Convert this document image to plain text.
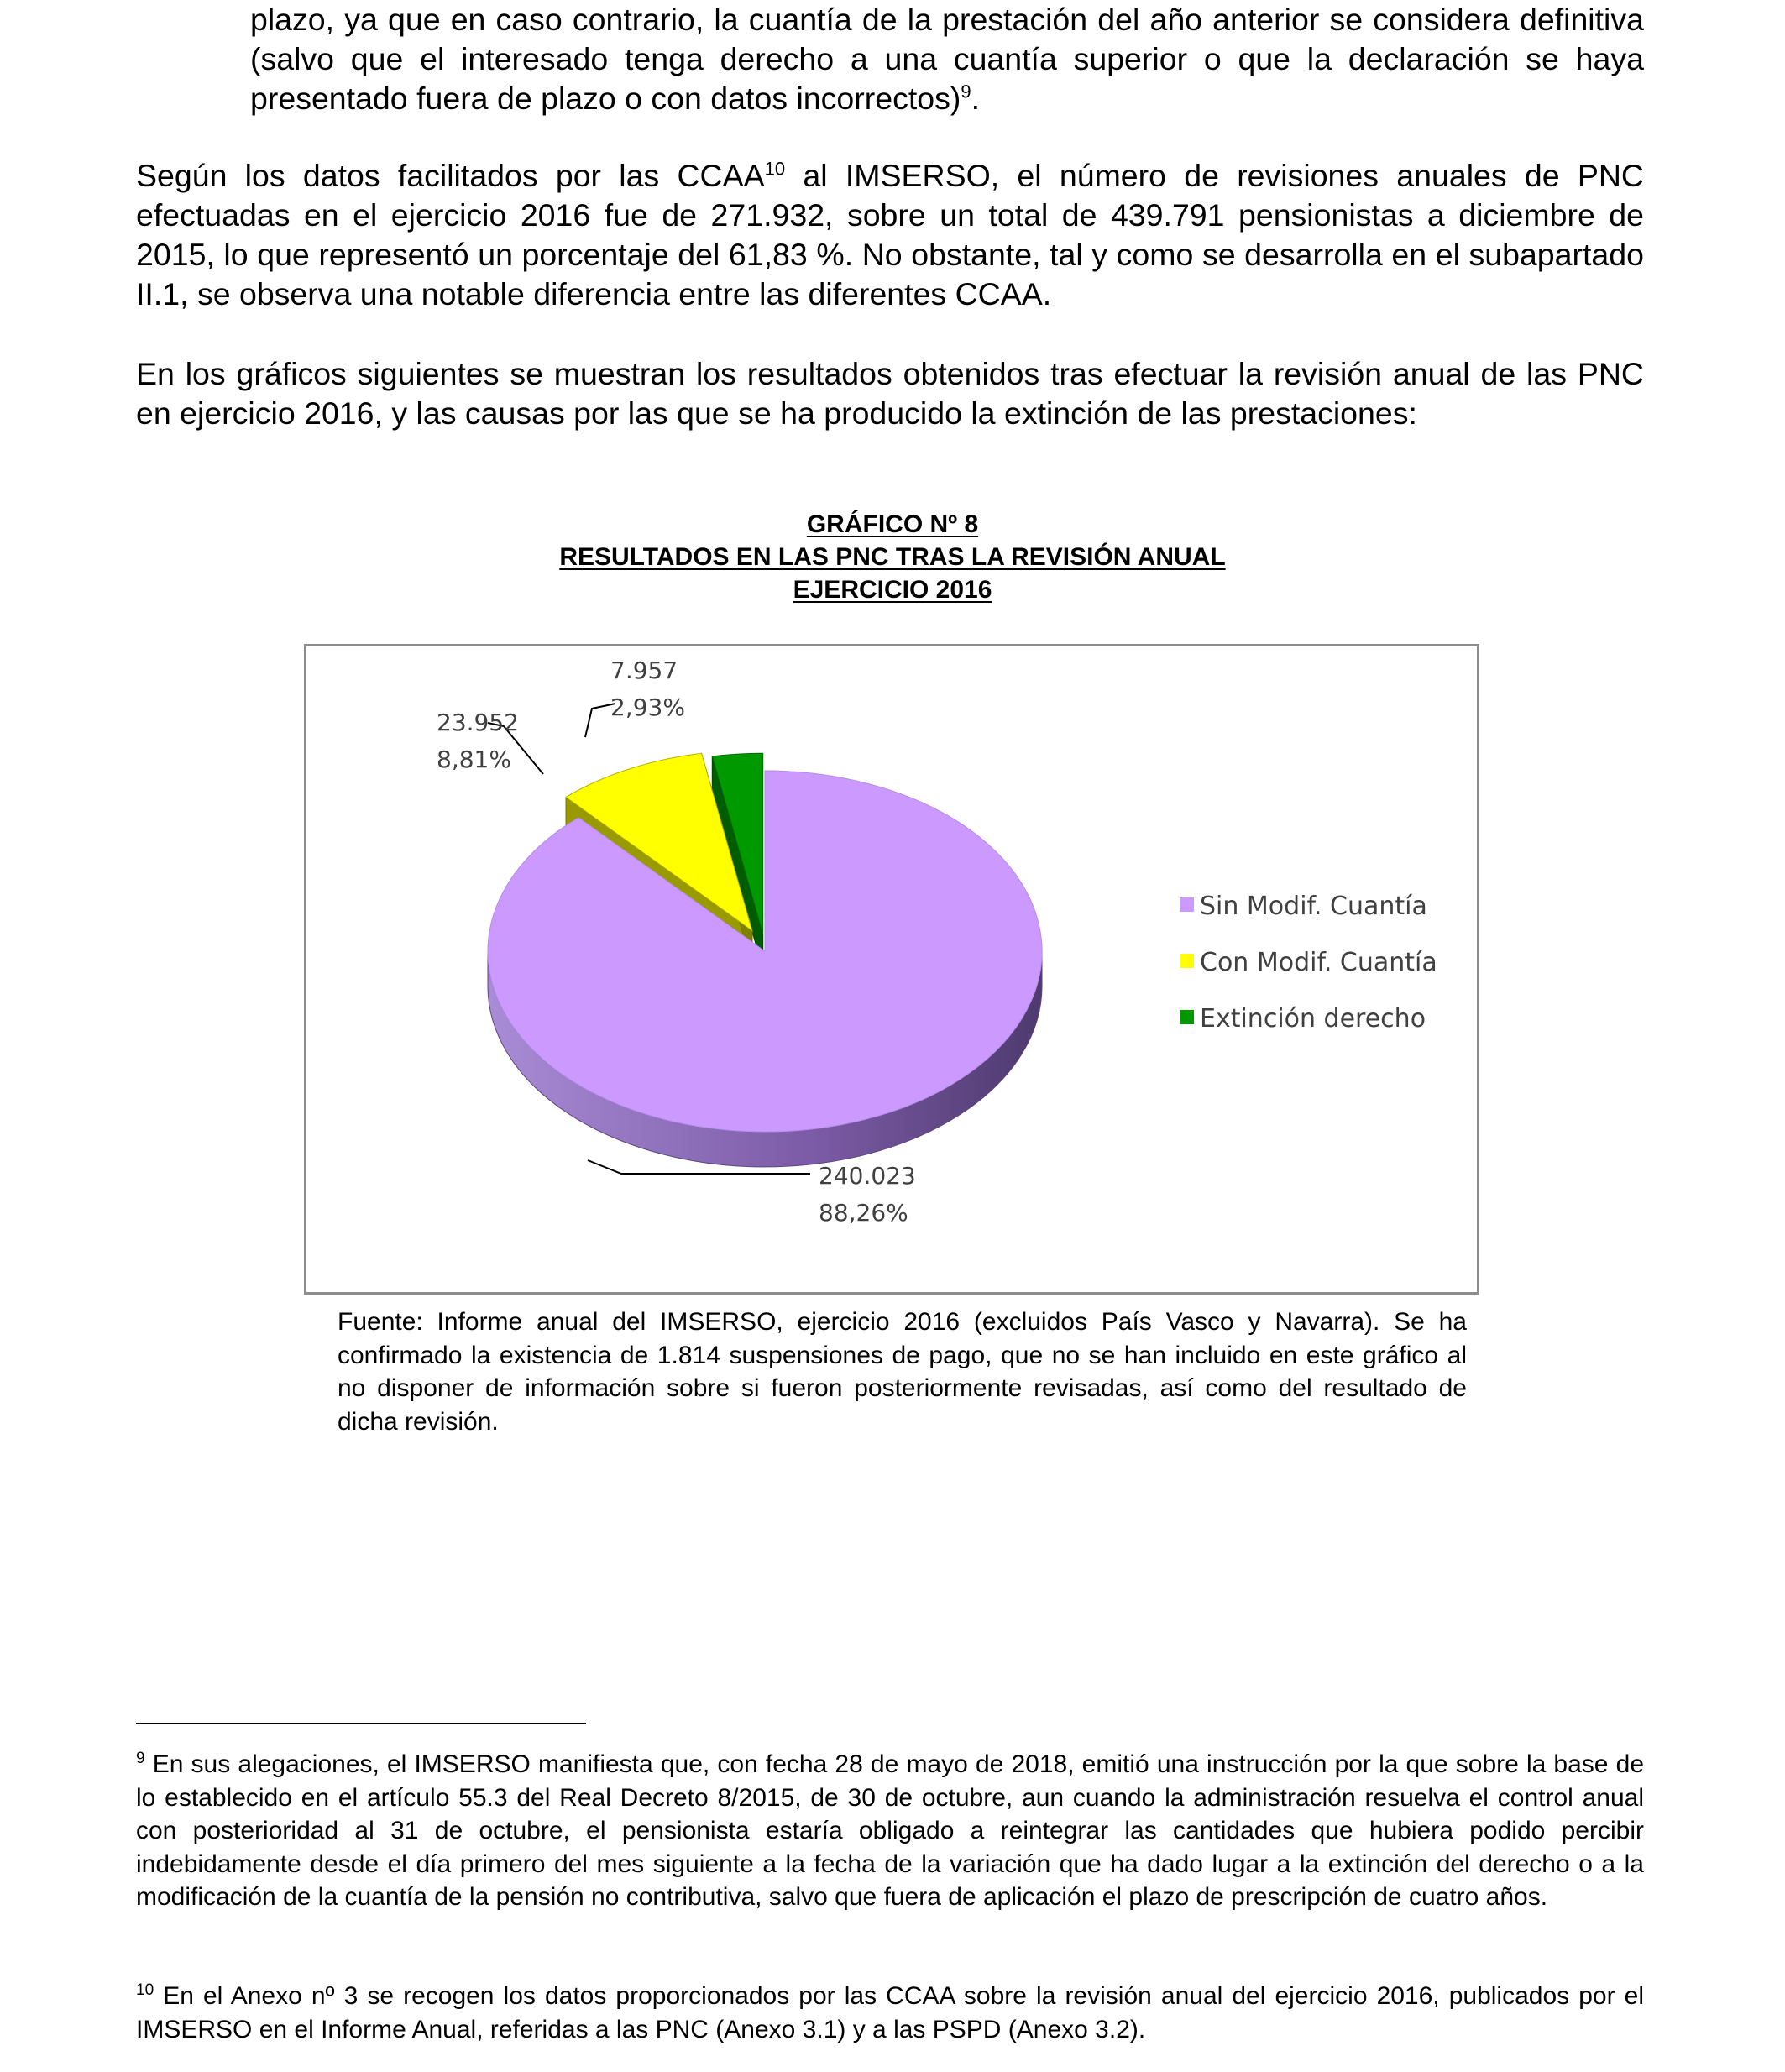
plazo, ya que en caso contrario, la cuantía de la prestación del año anterior se considera definitiva (salvo que el interesado tenga derecho a una cuantía superior o que la declaración se haya presentado fuera de plazo o con datos incorrectos)$^9$.

Según los datos facilitados por las CCAA$^{10}$ al IMSERSO, el número de revisiones anuales de PNC efectuadas en el ejercicio 2016 fue de 271.932, sobre un total de 439.791 pensionistas a diciembre de 2015, lo que representó un porcentaje del 61,83 %. No obstante, tal y como se desarrolla en el subapartado II.1, se observa una notable diferencia entre las diferentes CCAA.

En los gráficos siguientes se muestran los resultados obtenidos tras efectuar la revisión anual de las PNC en ejercicio 2016, y las causas por las que se ha producido la extinción de las prestaciones:

GRÁFICO Nº 8
RESULTADOS EN LAS PNC TRAS LA REVISIÓN ANUAL
EJERCICIO 2016
240.023
88,26%
23.952
8,81%
7.957
2,93%
Sin Modif. Cuantía
Con Modif. Cuantía
Extinción derecho

Fuente: Informe anual del IMSERSO, ejercicio 2016 (excluidos País Vasco y Navarra). Se ha confirmado la existencia de 1.814 suspensiones de pago, que no se han incluido en este gráfico al no disponer de información sobre si fueron posteriormente revisadas, así como del resultado de dicha revisión.

$^9$ En sus alegaciones, el IMSERSO manifiesta que, con fecha 28 de mayo de 2018, emitió una instrucción por la que sobre la base de lo establecido en el artículo 55.3 del Real Decreto 8/2015, de 30 de octubre, aun cuando la administración resuelva el control anual con posterioridad al 31 de octubre, el pensionista estaría obligado a reintegrar las cantidades que hubiera podido percibir indebidamente desde el día primero del mes siguiente a la fecha de la variación que ha dado lugar a la extinción del derecho o a la modificación de la cuantía de la pensión no contributiva, salvo que fuera de aplicación el plazo de prescripción de cuatro años.

$^{10}$ En el Anexo nº 3 se recogen los datos proporcionados por las CCAA sobre la revisión anual del ejercicio 2016, publicados por el IMSERSO en el Informe Anual, referidas a las PNC (Anexo 3.1) y a las PSPD (Anexo 3.2).
